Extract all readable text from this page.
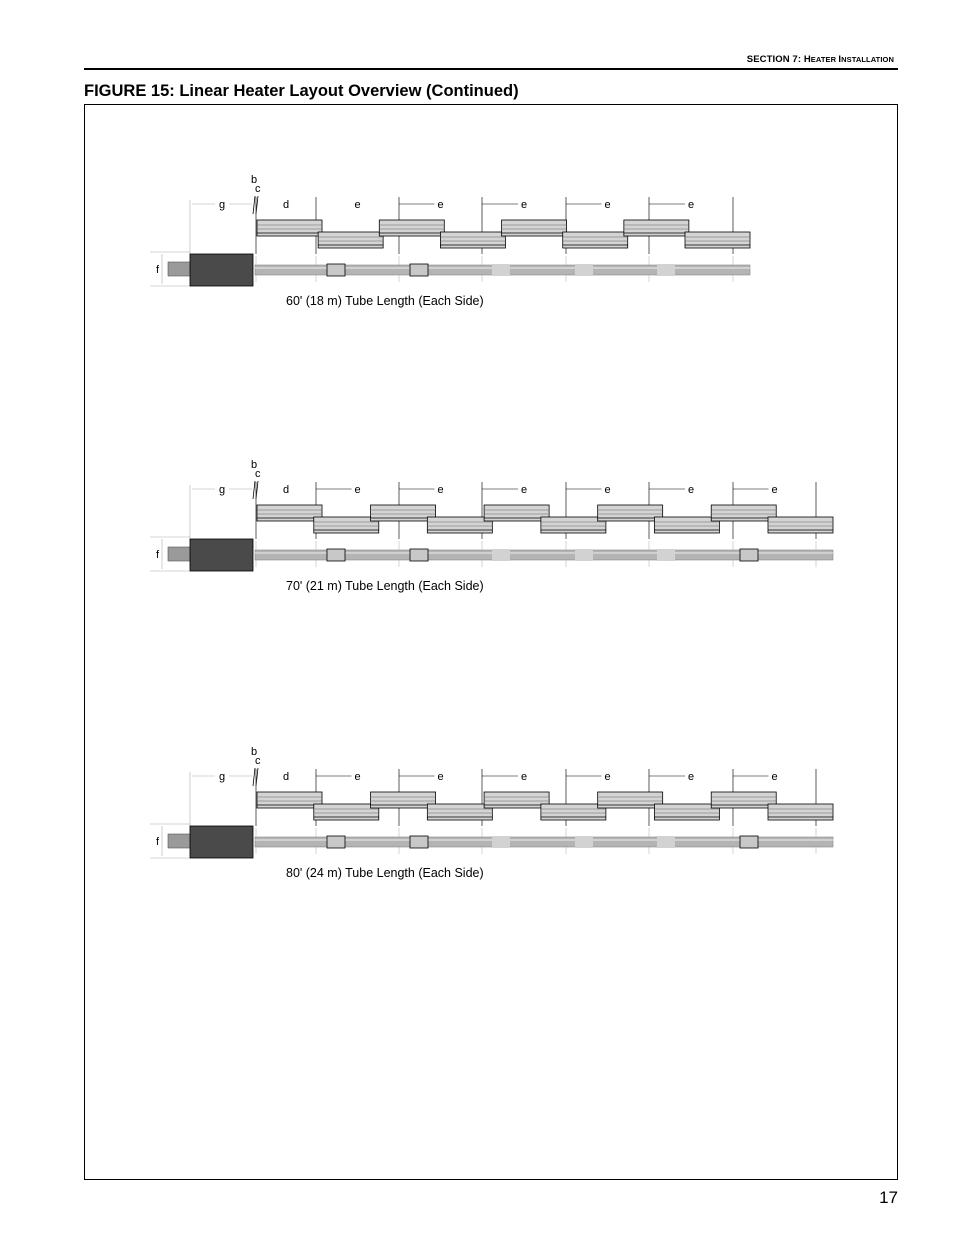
SECTION 7: HEATER INSTALLATION
FIGURE 15: Linear Heater Layout Overview (Continued)
b
c
g	d	e	e	e	e	e
f
60' (18 m) Tube Length (Each Side)
b
c
g	d	e	e	e	e	e	e
f
70' (21 m) Tube Length (Each Side)
b
c
g	d	e	e	e	e	e	e
f
80' (24 m) Tube Length (Each Side)
17
